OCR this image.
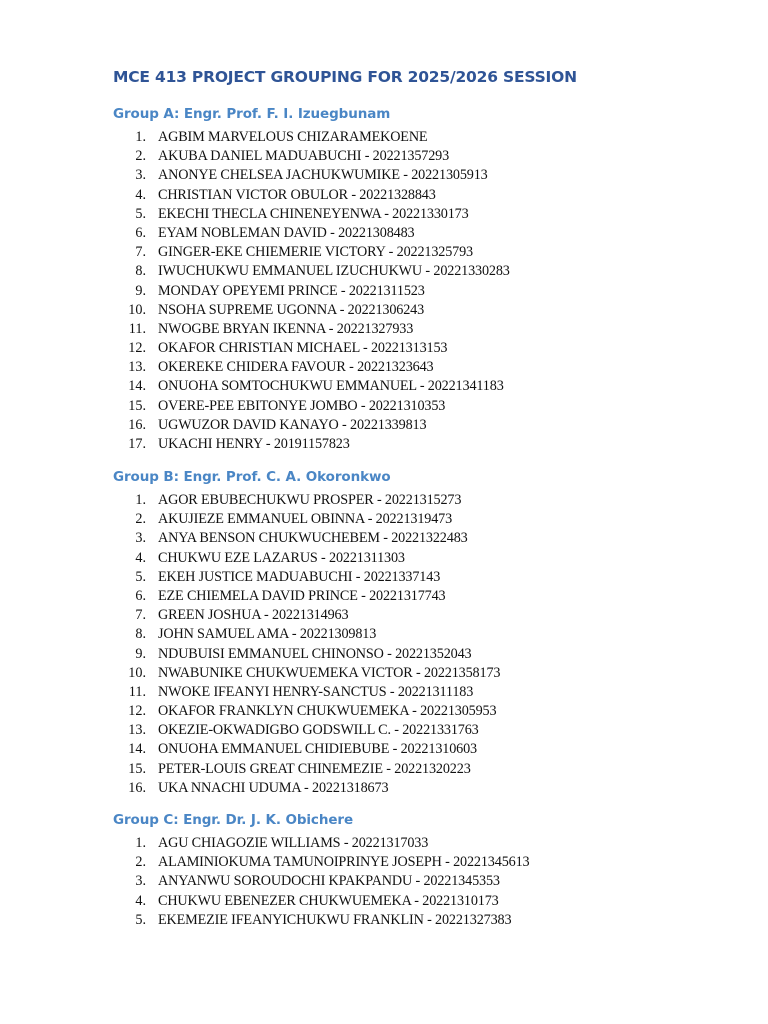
MCE 413 PROJECT GROUPING FOR 2025/2026 SESSION
Group A: Engr. Prof. F. I. Izuegbunam
1. AGBIM MARVELOUS CHIZARAMEKOENE
2. AKUBA DANIEL MADUABUCHI - 20221357293
3. ANONYE CHELSEA JACHUKWUMIKE - 20221305913
4. CHRISTIAN VICTOR OBULOR - 20221328843
5. EKECHI THECLA CHINENEYENWA - 20221330173
6. EYAM NOBLEMAN DAVID - 20221308483
7. GINGER-EKE CHIEMERIE VICTORY - 20221325793
8. IWUCHUKWU EMMANUEL IZUCHUKWU - 20221330283
9. MONDAY OPEYEMI PRINCE - 20221311523
10. NSOHA SUPREME UGONNA - 20221306243
11. NWOGBE BRYAN IKENNA - 20221327933
12. OKAFOR CHRISTIAN MICHAEL - 20221313153
13. OKEREKE CHIDERA FAVOUR - 20221323643
14. ONUOHA SOMTOCHUKWU EMMANUEL - 20221341183
15. OVERE-PEE EBITONYE JOMBO - 20221310353
16. UGWUZOR DAVID KANAYO - 20221339813
17. UKACHI HENRY - 20191157823
Group B: Engr. Prof. C. A. Okoronkwo
1. AGOR EBUBECHUKWU PROSPER - 20221315273
2. AKUJIEZE EMMANUEL OBINNA - 20221319473
3. ANYA BENSON CHUKWUCHEBEM - 20221322483
4. CHUKWU EZE LAZARUS - 20221311303
5. EKEH JUSTICE MADUABUCHI - 20221337143
6. EZE CHIEMELA DAVID PRINCE - 20221317743
7. GREEN JOSHUA - 20221314963
8. JOHN SAMUEL AMA - 20221309813
9. NDUBUISI EMMANUEL CHINONSO - 20221352043
10. NWABUNIKE CHUKWUEMEKA VICTOR - 20221358173
11. NWOKE IFEANYI HENRY-SANCTUS - 20221311183
12. OKAFOR FRANKLYN CHUKWUEMEKA - 20221305953
13. OKEZIE-OKWADIGBO GODSWILL C. - 20221331763
14. ONUOHA EMMANUEL CHIDIEBUBE - 20221310603
15. PETER-LOUIS GREAT CHINEMEZIE - 20221320223
16. UKA NNACHI UDUMA - 20221318673
Group C: Engr. Dr. J. K. Obichere
1. AGU CHIAGOZIE WILLIAMS - 20221317033
2. ALAMINIOKUMA TAMUNOIPRINYE JOSEPH - 20221345613
3. ANYANWU SOROUDOCHI KPAKPANDU - 20221345353
4. CHUKWU EBENEZER CHUKWUEMEKA - 20221310173
5. EKEMEZIE IFEANYICHUKWU FRANKLIN - 20221327383
